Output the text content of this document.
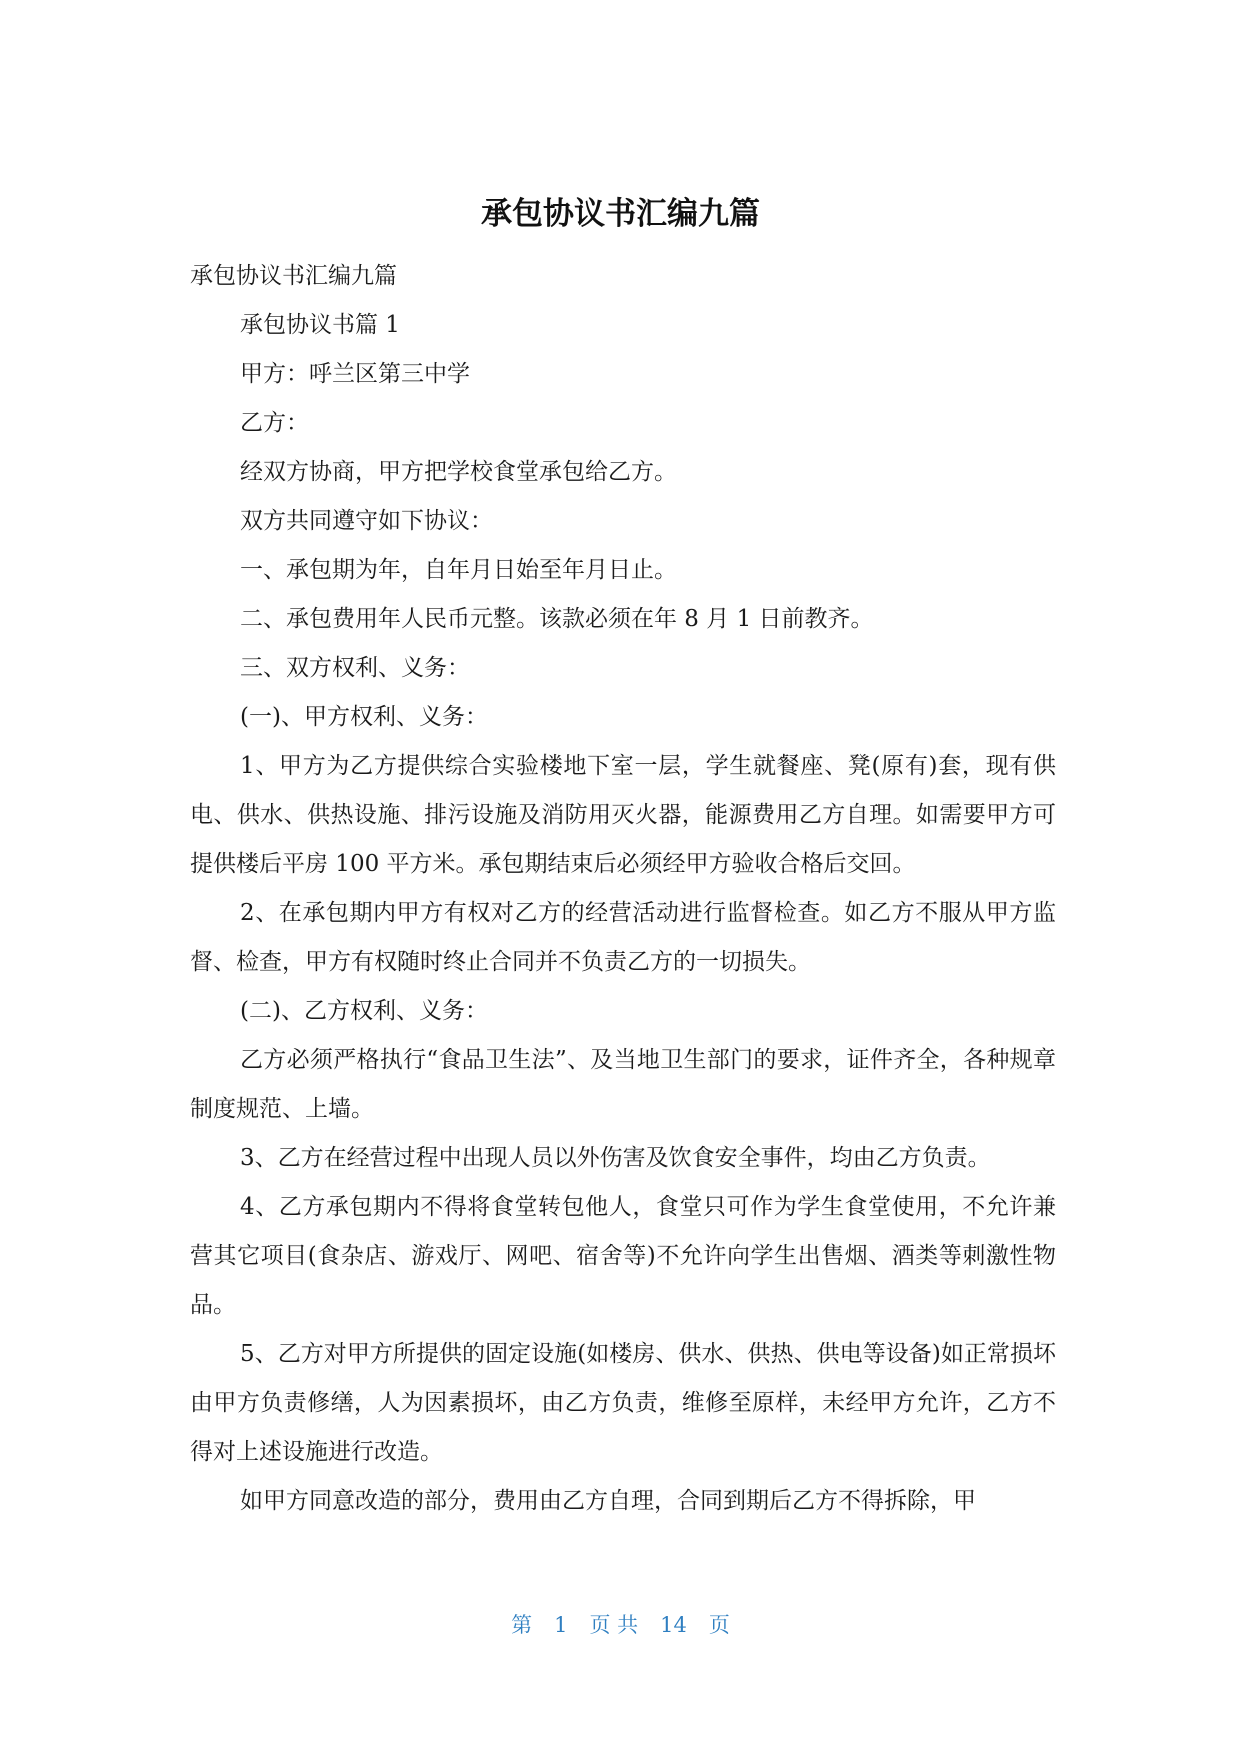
承包协议书汇编九篇

承包协议书汇编九篇

承包协议书篇 1

甲方：呼兰区第三中学

乙方：

经双方协商，甲方把学校食堂承包给乙方。

双方共同遵守如下协议：

一、承包期为年，自年月日始至年月日止。

二、承包费用年人民币元整。该款必须在年 8 月 1 日前教齐。

三、双方权利、义务：

(一)、甲方权利、义务：

1、甲方为乙方提供综合实验楼地下室一层，学生就餐座、凳(原有)套，现有供电、供水、供热设施、排污设施及消防用灭火器，能源费用乙方自理。如需要甲方可提供楼后平房 100 平方米。承包期结束后必须经甲方验收合格后交回。

2、在承包期内甲方有权对乙方的经营活动进行监督检查。如乙方不服从甲方监督、检查，甲方有权随时终止合同并不负责乙方的一切损失。

(二)、乙方权利、义务：

乙方必须严格执行“食品卫生法”、及当地卫生部门的要求，证件齐全，各种规章制度规范、上墙。

3、乙方在经营过程中出现人员以外伤害及饮食安全事件，均由乙方负责。

4、乙方承包期内不得将食堂转包他人，食堂只可作为学生食堂使用，不允许兼营其它项目(食杂店、游戏厅、网吧、宿舍等)不允许向学生出售烟、酒类等刺激性物品。

5、乙方对甲方所提供的固定设施(如楼房、供水、供热、供电等设备)如正常损坏由甲方负责修缮，人为因素损坏，由乙方负责，维修至原样，未经甲方允许，乙方不得对上述设施进行改造。

如甲方同意改造的部分，费用由乙方自理，合同到期后乙方不得拆除，甲

第 1 页 共 14 页
